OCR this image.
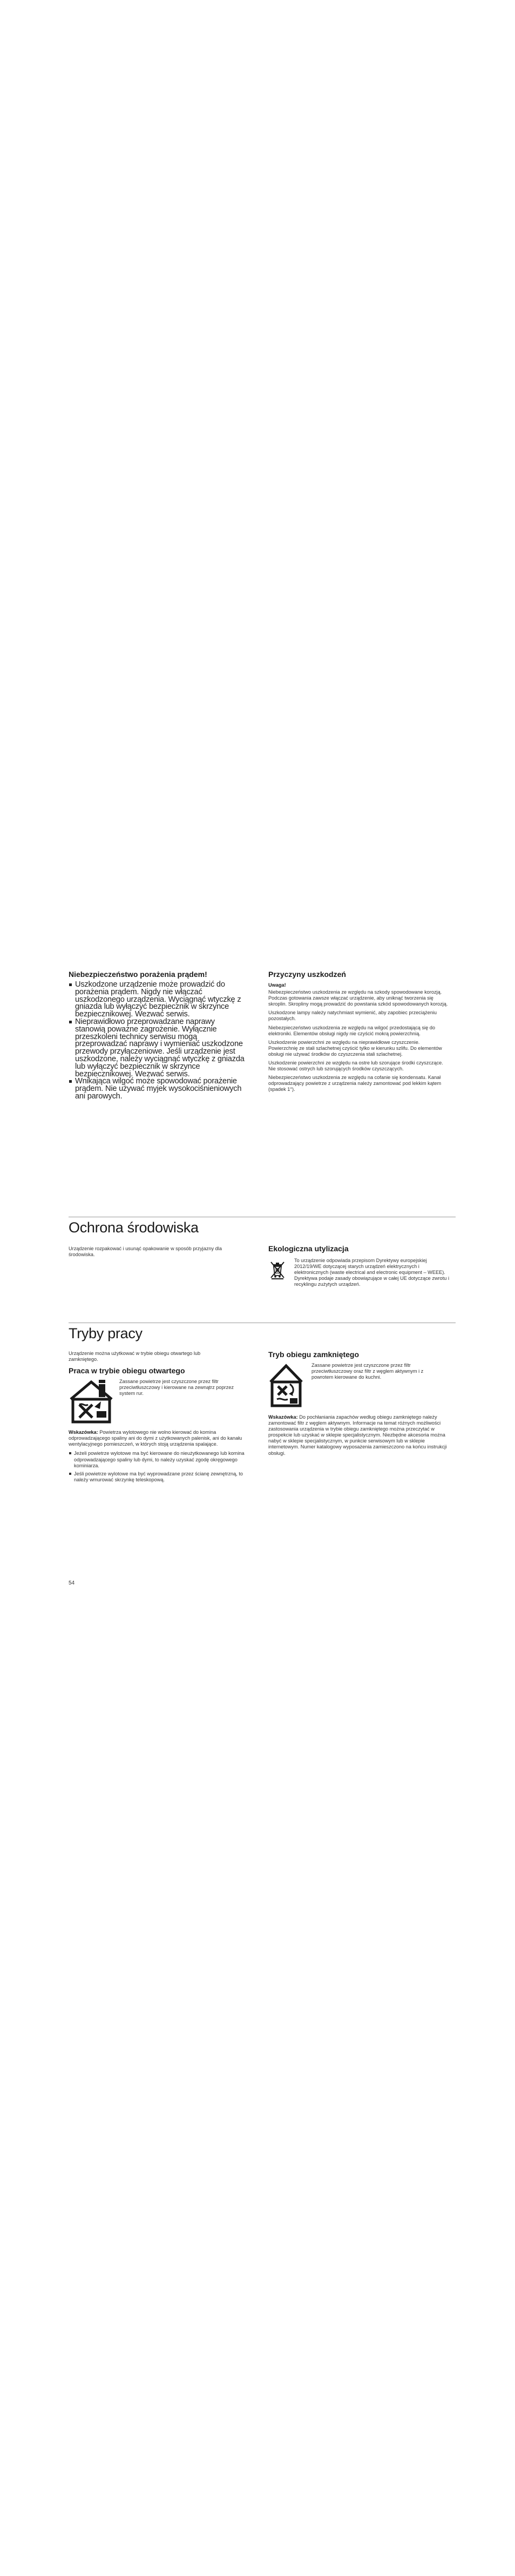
Niebezpieczeństwo porażenia prądem!
Uszkodzone urządzenie może prowadzić do porażenia prądem. Nigdy nie włączać uszkodzonego urządzenia. Wyciągnąć wtyczkę z gniazda lub wyłączyć bezpiecznik w skrzynce bezpiecznikowej. Wezwać serwis.
Nieprawidłowo przeprowadzane naprawy stanowią poważne zagrożenie. Wyłącznie przeszkoleni technicy serwisu mogą przeprowadzać naprawy i wymieniać uszkodzone przewody przyłączeniowe. Jeśli urządzenie jest uszkodzone, należy wyciągnąć wtyczkę z gniazda lub wyłączyć bezpiecznik w skrzynce bezpiecznikowej. Wezwać serwis.
Wnikająca wilgoć może spowodować porażenie prądem. Nie używać myjek wysokociśnieniowych ani parowych.
Przyczyny uszkodzeń

Uwaga!

Niebezpieczeństwo uszkodzenia ze względu na szkody spowodowane korozją. Podczas gotowania zawsze włączać urządzenie, aby uniknąć tworzenia się skroplin. Skropliny mogą prowadzić do powstania szkód spowodowanych korozją.

Uszkodzone lampy należy natychmiast wymienić, aby zapobiec przeciążeniu pozostałych.

Niebezpieczeństwo uszkodzenia ze względu na wilgoć przedostającą się do elektroniki. Elementów obsługi nigdy nie czyścić mokrą powierzchnią.

Uszkodzenie powierzchni ze względu na nieprawidłowe czyszczenie. Powierzchnię ze stali szlachetnej czyścić tylko w kierunku szlifu. Do elementów obsługi nie używać środków do czyszczenia stali szlachetnej.

Uszkodzenie powierzchni ze względu na ostre lub szorujące środki czyszczące. Nie stosować ostrych lub szorujących środków czyszczących.

Niebezpieczeństwo uszkodzenia ze względu na cofanie się kondensatu. Kanał odprowadzający powietrze z urządzenia należy zamontować pod lekkim kątem (spadek 1°).

Ochrona środowiska

Urządzenie rozpakować i usunąć opakowanie w sposób przyjazny dla środowiska.

Ekologiczna utylizacja

To urządzenie odpowiada przepisom Dyrektywy europejskiej 2012/19/WE dotyczącej starych urządzeń elektrycznych i elektronicznych (waste electrical and electronic equipment – WEEE). Dyrektywa podaje zasady obowiązujące w całej UE dotyczące zwrotu i recyklingu zużytych urządzeń.

Tryby pracy

Urządzenie można użytkować w trybie obiegu otwartego lub zamkniętego.

Praca w trybie obiegu otwartego

Zassane powietrze jest czyszczone przez filtr przeciwtłuszczowy i kierowane na zewnątrz poprzez system rur.

Wskazówka: Powietrza wylotowego nie wolno kierować do komina odprowadzającego spaliny ani do dymi z użytkowanych palenisk, ani do kanału wentylacyjnego pomieszczeń, w których stoją urządzenia spalające.

Jeżeli powietrze wylotowe ma być kierowane do nieużytkowanego lub komina odprowadzającego spaliny lub dymi, to należy uzyskać zgodę okręgowego kominiarza.
Jeśli powietrze wylotowe ma być wyprowadzane przez ścianę zewnętrzną, to należy wmurować skrzynkę teleskopową.
Tryb obiegu zamkniętego

Zassane powietrze jest czyszczone przez filtr przeciwtłuszczowy oraz filtr z węglem aktywnym i z powrotem kierowane do kuchni.

Wskazówka: Do pochłaniania zapachów według obiegu zamkniętego należy zamontować filtr z węglem aktywnym. Informacje na temat różnych możliwości zastosowania urządzenia w trybie obiegu zamkniętego można przeczytać w prospekcie lub uzyskać w sklepie specjalistycznym. Niezbędne akcesoria można nabyć w sklepie specjalistycznym, w punkcie serwisowym lub w sklepie internetowym. Numer katalogowy wyposażenia zamieszczono na końcu instrukcji obsługi.

54
